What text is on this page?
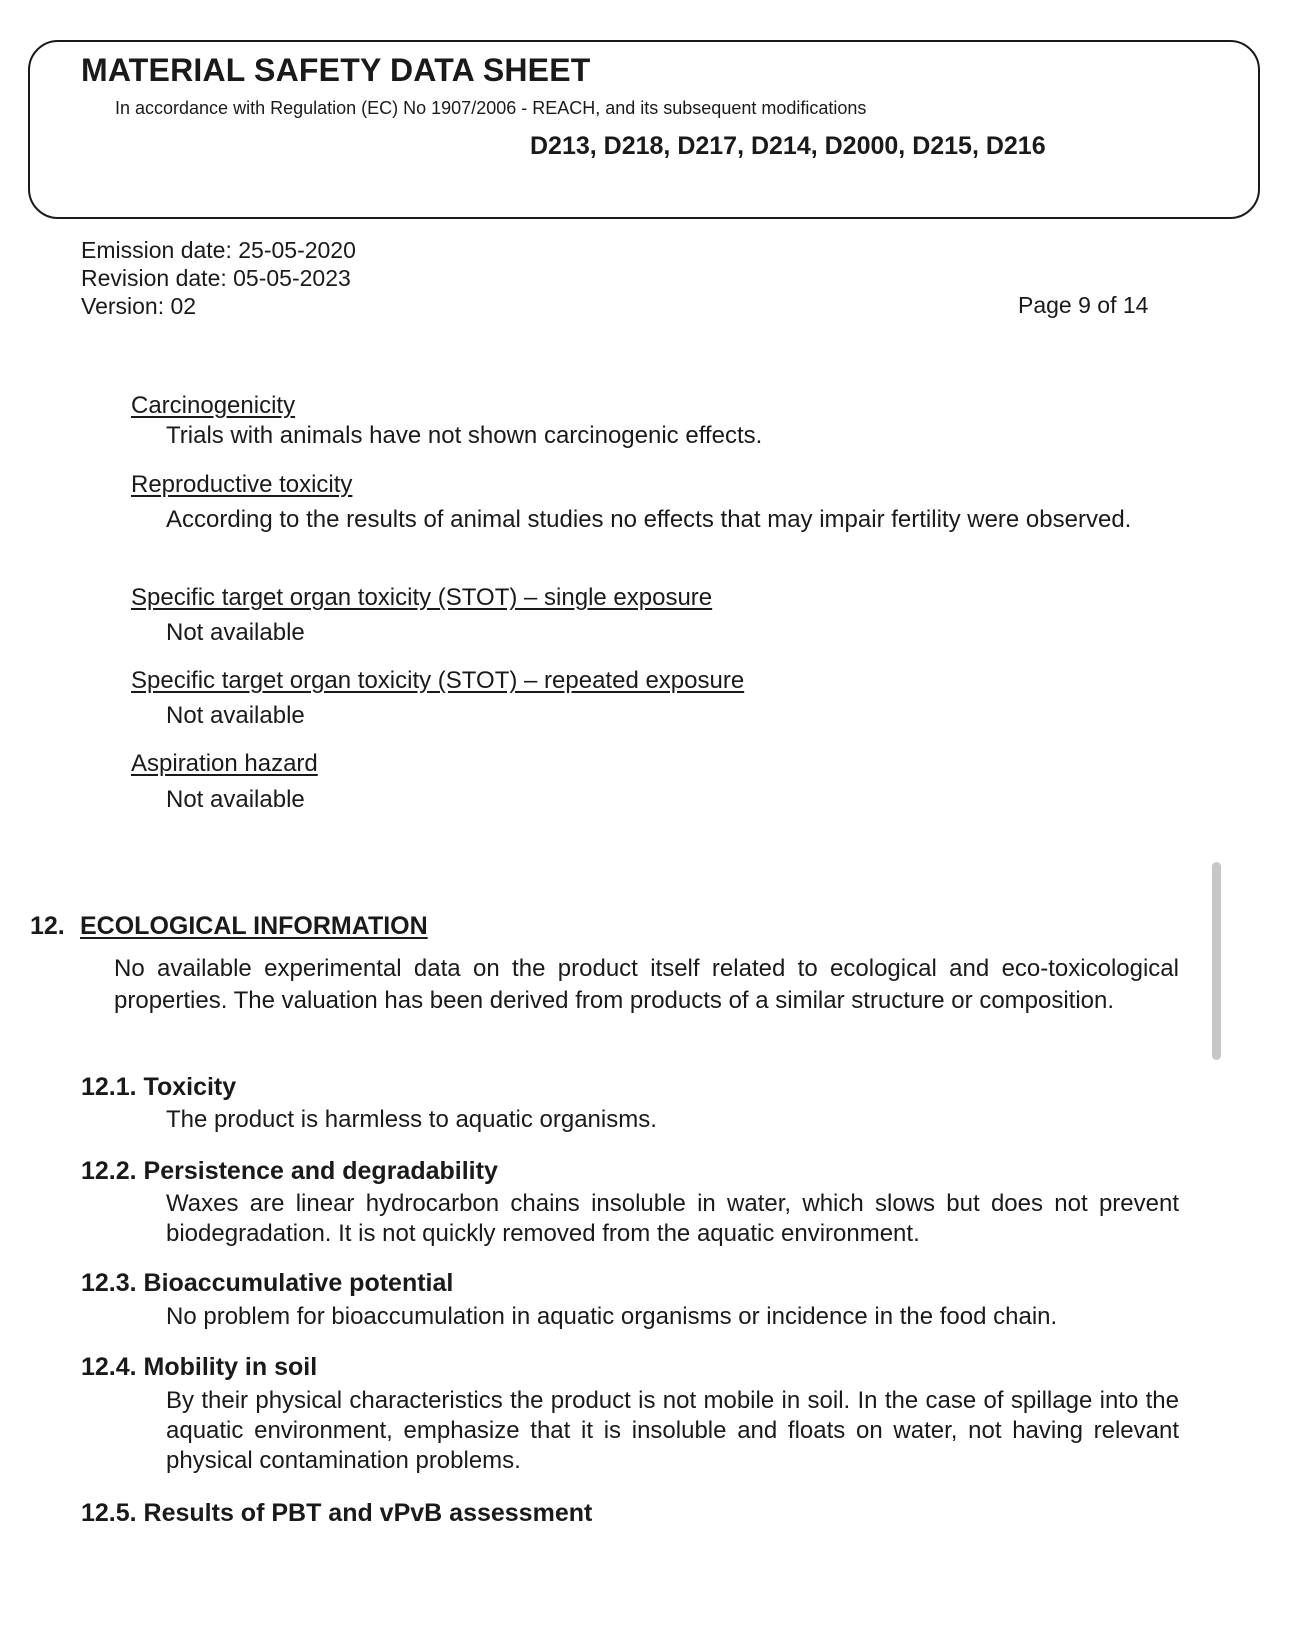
MATERIAL SAFETY DATA SHEET
In accordance with Regulation (EC) No 1907/2006 - REACH, and its subsequent modifications
D213, D218, D217, D214, D2000, D215, D216
Emission date: 25-05-2020
Revision date: 05-05-2023
Version: 02	Page 9 of 14
Carcinogenicity
Trials with animals have not shown carcinogenic effects.
Reproductive toxicity
According to the results of animal studies no effects that may impair fertility were observed.
Specific target organ toxicity (STOT) – single exposure
Not available
Specific target organ toxicity (STOT) – repeated exposure
Not available
Aspiration hazard
Not available
12. ECOLOGICAL INFORMATION
No available experimental data on the product itself related to ecological and eco-toxicological properties. The valuation has been derived from products of a similar structure or composition.
12.1. Toxicity
The product is harmless to aquatic organisms.
12.2. Persistence and degradability
Waxes are linear hydrocarbon chains insoluble in water, which slows but does not prevent biodegradation. It is not quickly removed from the aquatic environment.
12.3. Bioaccumulative potential
No problem for bioaccumulation in aquatic organisms or incidence in the food chain.
12.4. Mobility in soil
By their physical characteristics the product is not mobile in soil. In the case of spillage into the aquatic environment, emphasize that it is insoluble and floats on water, not having relevant physical contamination problems.
12.5. Results of PBT and vPvB assessment
